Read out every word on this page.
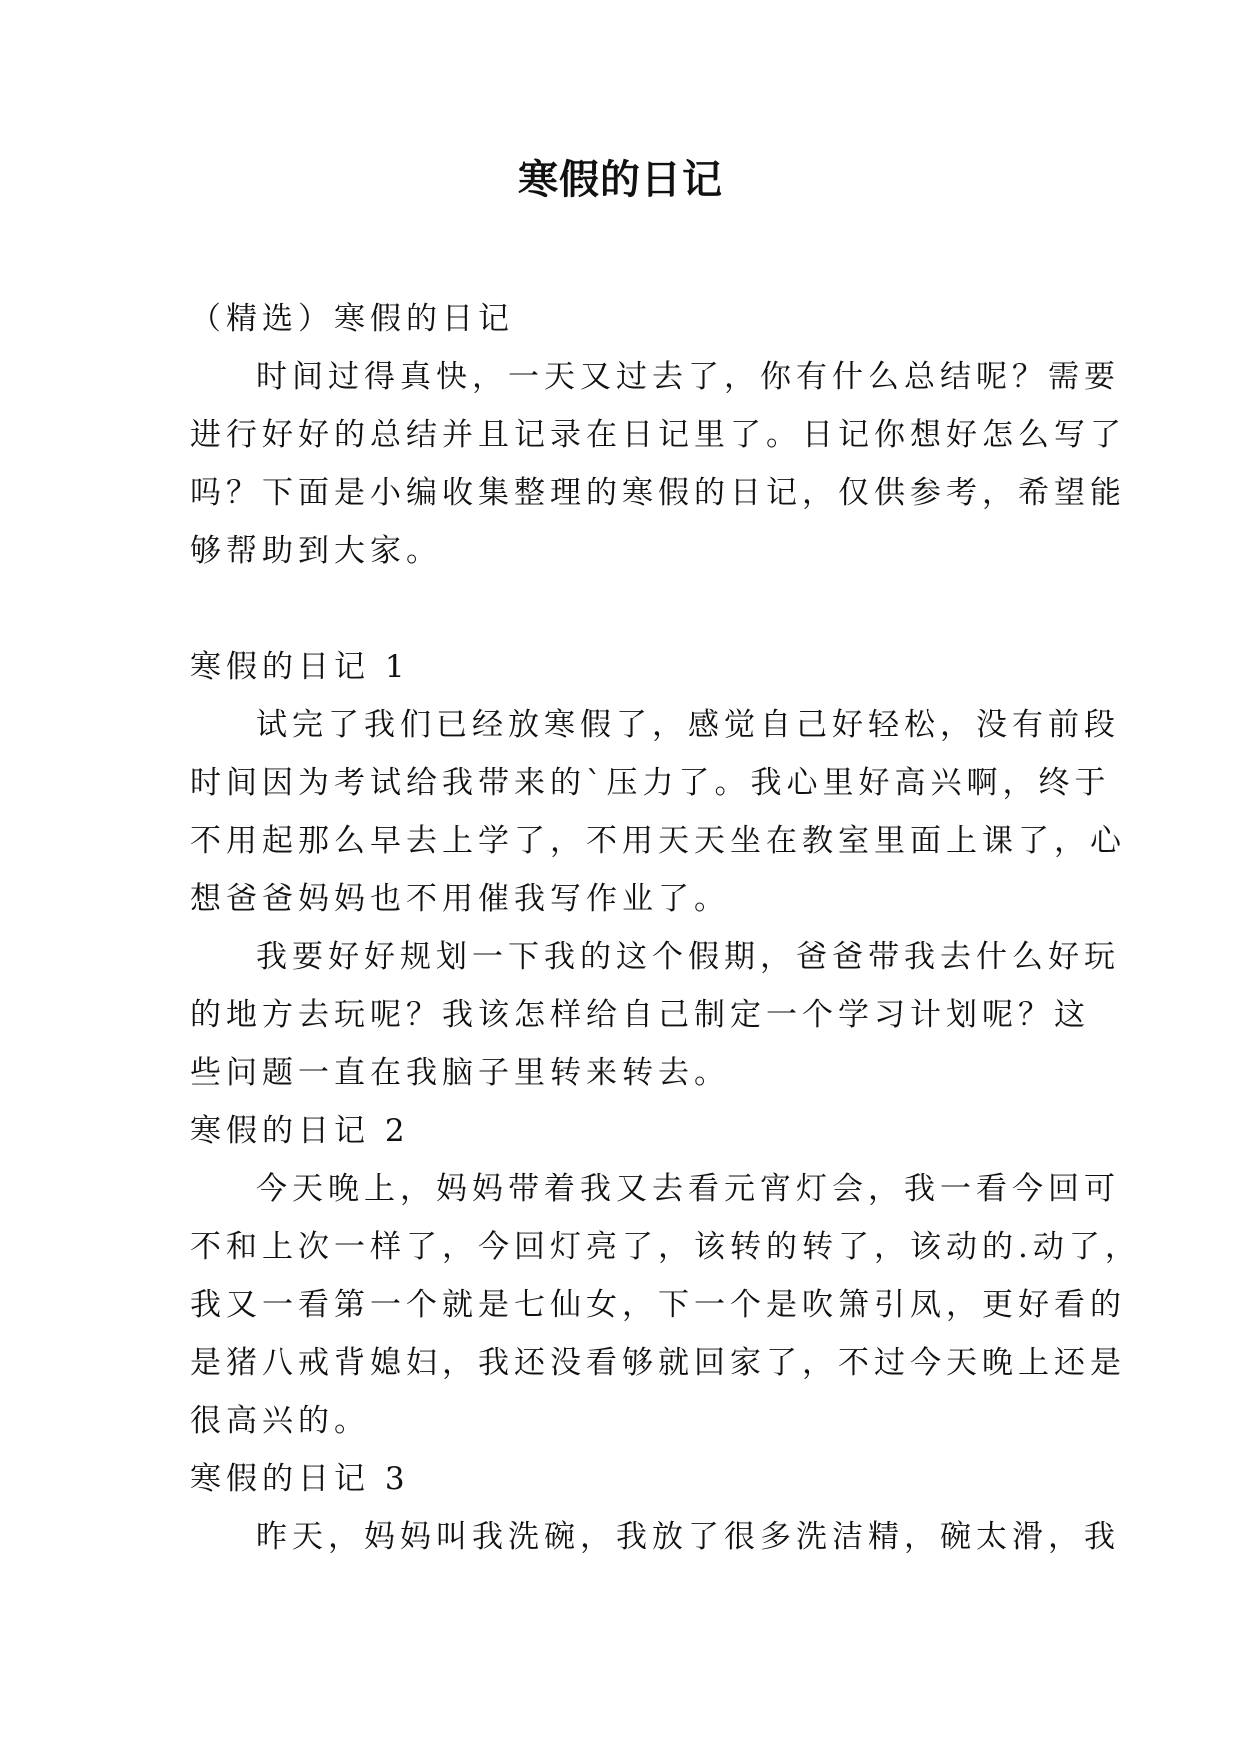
寒假的日记
（精选）寒假的日记
时间过得真快，一天又过去了，你有什么总结呢？需要
进行好好的总结并且记录在日记里了。日记你想好怎么写了
吗？下面是小编收集整理的寒假的日记，仅供参考，希望能
够帮助到大家。
寒假的日记 1
试完了我们已经放寒假了，感觉自己好轻松，没有前段
时间因为考试给我带来的`压力了。我心里好高兴啊，终于
不用起那么早去上学了，不用天天坐在教室里面上课了，心
想爸爸妈妈也不用催我写作业了。
我要好好规划一下我的这个假期，爸爸带我去什么好玩
的地方去玩呢？我该怎样给自己制定一个学习计划呢？这
些问题一直在我脑子里转来转去。
寒假的日记 2
今天晚上，妈妈带着我又去看元宵灯会，我一看今回可
不和上次一样了，今回灯亮了，该转的转了，该动的.动了，
我又一看第一个就是七仙女，下一个是吹箫引凤，更好看的
是猪八戒背媳妇，我还没看够就回家了，不过今天晚上还是
很高兴的。
寒假的日记 3
昨天，妈妈叫我洗碗，我放了很多洗洁精，碗太滑，我
